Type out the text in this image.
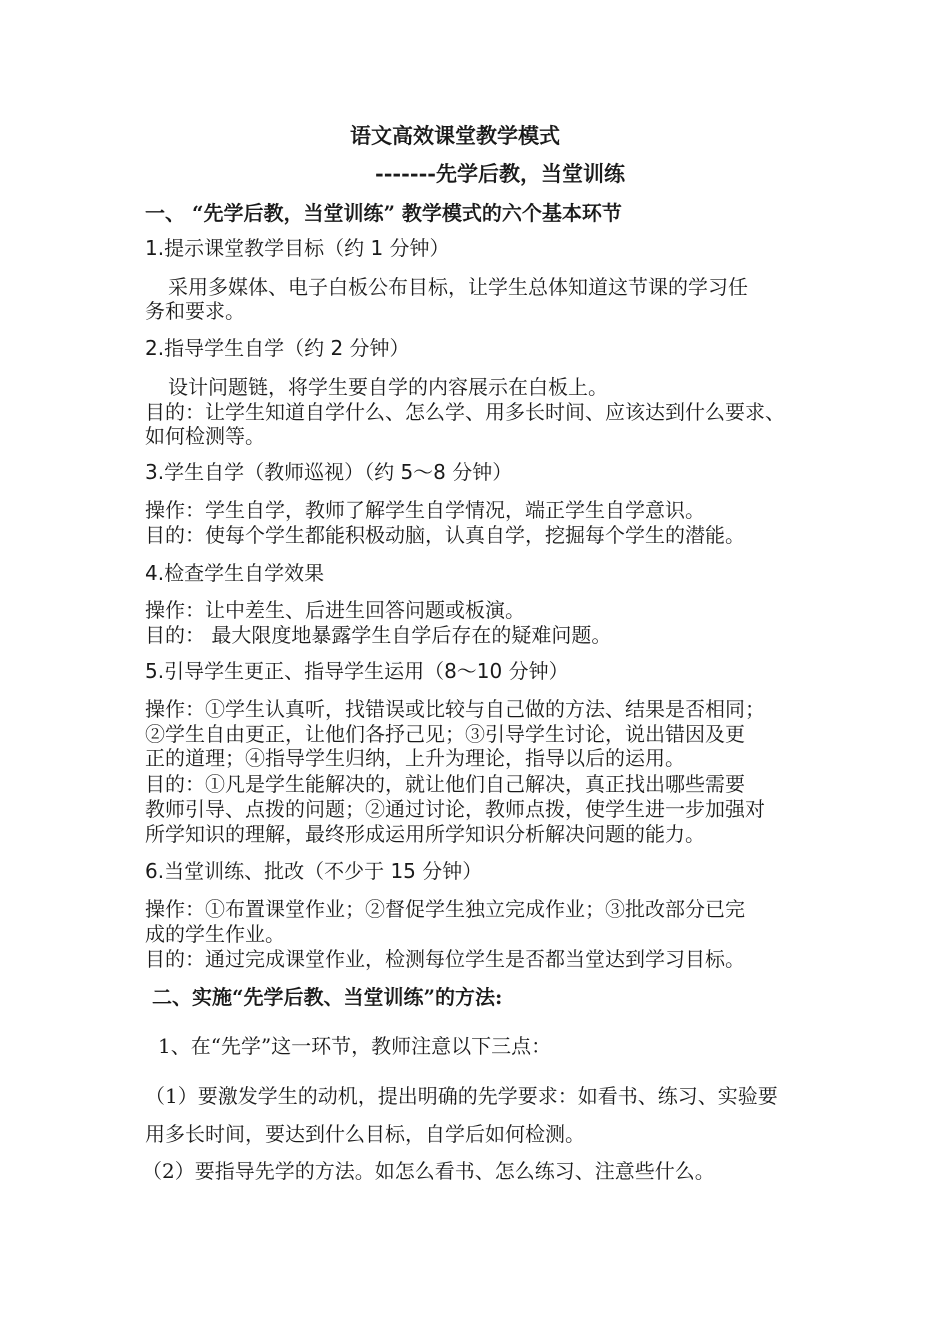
语文高效课堂教学模式
-------先学后教，当堂训练
一、 “先学后教，当堂训练” 教学模式的六个基本环节
1.提示课堂教学目标（约 1 分钟）
采用多媒体、电子白板公布目标，让学生总体知道这节课的学习任
务和要求。
2.指导学生自学（约 2 分钟）
设计问题链，将学生要自学的内容展示在白板上。
目的：让学生知道自学什么、怎么学、用多长时间、应该达到什么要求、
如何检测等。
3.学生自学（教师巡视）（约 5～8 分钟）
操作：学生自学，教师了解学生自学情况，端正学生自学意识。
目的：使每个学生都能积极动脑，认真自学，挖掘每个学生的潜能。
4.检查学生自学效果
操作：让中差生、后进生回答问题或板演。
目的： 最大限度地暴露学生自学后存在的疑难问题。
5.引导学生更正、指导学生运用（8～10 分钟）
操作：①学生认真听，找错误或比较与自己做的方法、结果是否相同；
②学生自由更正，让他们各抒己见；③引导学生讨论，说出错因及更
正的道理；④指导学生归纳，上升为理论，指导以后的运用。
目的：①凡是学生能解决的，就让他们自己解决，真正找出哪些需要
教师引导、点拨的问题；②通过讨论，教师点拨，使学生进一步加强对
所学知识的理解，最终形成运用所学知识分析解决问题的能力。
6.当堂训练、批改（不少于 15 分钟）
操作：①布置课堂作业；②督促学生独立完成作业；③批改部分已完
成的学生作业。
目的：通过完成课堂作业，检测每位学生是否都当堂达到学习目标。
二、实施“先学后教、当堂训练”的方法:
1、在“先学”这一环节，教师注意以下三点：
（1）要激发学生的动机，提出明确的先学要求：如看书、练习、实验要
用多长时间，要达到什么目标，自学后如何检测。
（2）要指导先学的方法。如怎么看书、怎么练习、注意些什么。
